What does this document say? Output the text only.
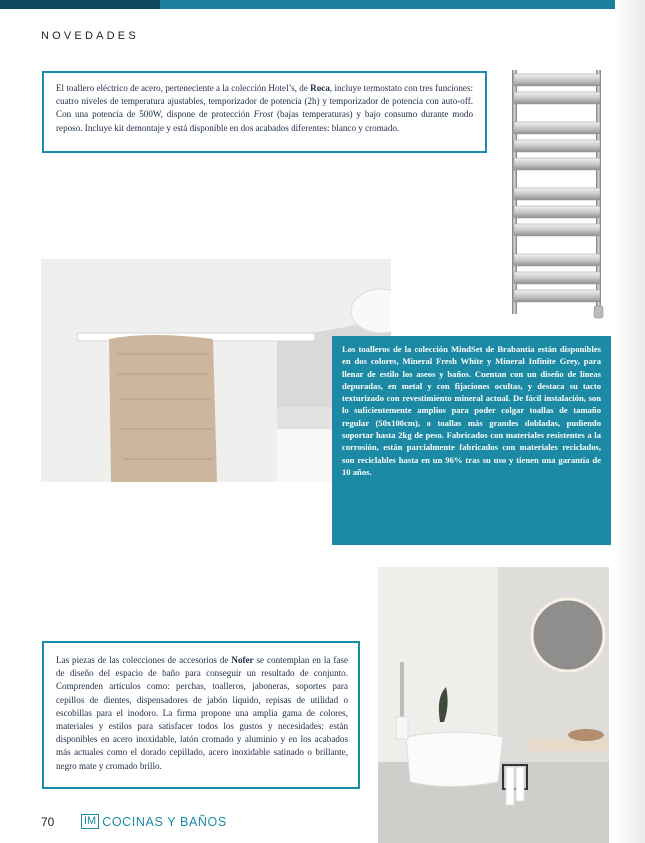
NOVEDADES
El toallero eléctrico de acero, perteneciente a la colección Hotel’s, de Roca, incluye termostato con tres funciones: cuatro niveles de temperatura ajustables, temporizador de potencia (2h) y temporizador de potencia con auto-off. Con una potencia de 500W, dispone de protección Frost (bajas temperaturas) y bajo consumo durante modo reposo. Incluye kit demontaje y está disponible en dos acabados diferentes: blanco y cromado.
Los toalleros de la colección MindSet de Brabantia están disponibles en dos colores, Mineral Fresh White y Mineral Infinite Grey, para llenar de estilo los aseos y baños. Cuentan con un diseño de líneas depuradas, en metal y con fijaciones ocultas, y destaca su tacto texturizado con revestimiento mineral actual. De fácil instalación, son lo suficientemente amplios para poder colgar toallas de tamaño regular (50x100cm), o toallas más grandes dobladas, pudiendo soportar hasta 2kg de peso. Fabricados con materiales resistentes a la corrosión, están parcialmente fabricados con materiales reciclados, son reciclables hasta en un 96% tras su uso y tienen una garantía de 10 años.
Las piezas de las colecciones de accesorios de Nofer se contemplan en la fase de diseño del espacio de baño para conseguir un resultado de conjunto. Comprenden artículos como: perchas, toalleros, jaboneras, soportes para cepillos de dientes, dispensadores de jabón líquido, repisas de utilidad o escobillas para el inodoro. La firma propone una amplia gama de colores, materiales y estilos para satisfacer todos los gustos y necesidades: están disponibles en acero inoxidable, latón cromado y aluminio y en los acabados más actuales como el dorado cepillado, acero inoxidable satinado o brillante, negro mate y cromado brillo.
70	IM COCINAS Y BAÑOS
